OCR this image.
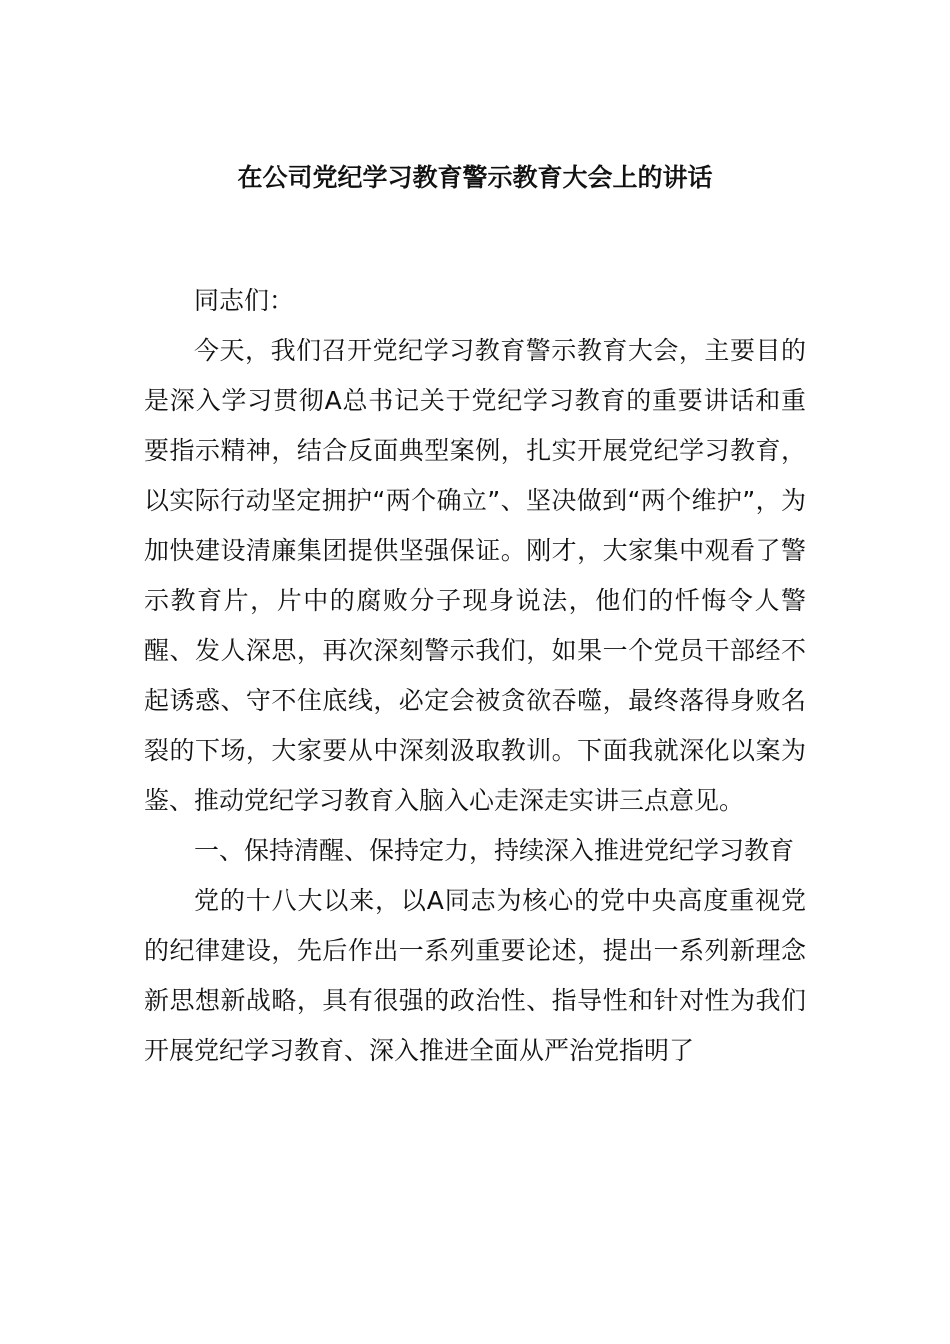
在公司党纪学习教育警示教育大会上的讲话

同志们：

今天，我们召开党纪学习教育警示教育大会，主要目的是深入学习贯彻A总书记关于党纪学习教育的重要讲话和重要指示精神，结合反面典型案例，扎实开展党纪学习教育，以实际行动坚定拥护“两个确立”、坚决做到“两个维护”，为加快建设清廉集团提供坚强保证。刚才，大家集中观看了警示教育片，片中的腐败分子现身说法，他们的忏悔令人警醒、发人深思，再次深刻警示我们，如果一个党员干部经不起诱惑、守不住底线，必定会被贪欲吞噬，最终落得身败名裂的下场，大家要从中深刻汲取教训。下面我就深化以案为鉴、推动党纪学习教育入脑入心走深走实讲三点意见。

一、保持清醒、保持定力，持续深入推进党纪学习教育

党的十八大以来，以A同志为核心的党中央高度重视党的纪律建设，先后作出一系列重要论述，提出一系列新理念新思想新战略，具有很强的政治性、指导性和针对性为我们开展党纪学习教育、深入推进全面从严治党指明了
